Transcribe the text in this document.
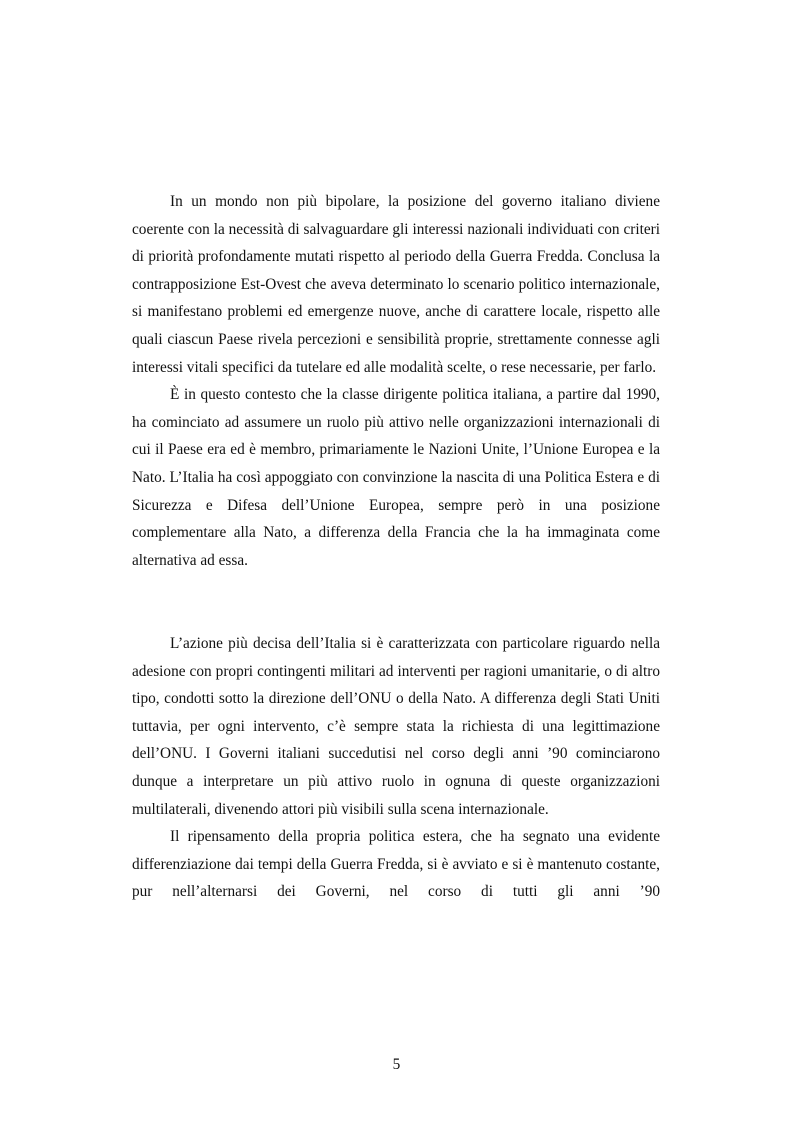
In un mondo non più bipolare, la posizione del governo italiano diviene coerente con la necessità di salvaguardare gli interessi nazionali individuati con criteri di priorità profondamente mutati rispetto al periodo della Guerra Fredda. Conclusa la contrapposizione Est-Ovest che aveva determinato lo scenario politico internazionale, si manifestano problemi ed emergenze nuove, anche di carattere locale, rispetto alle quali ciascun Paese rivela percezioni e sensibilità proprie, strettamente connesse agli interessi vitali specifici da tutelare ed alle modalità scelte, o rese necessarie, per farlo.

È in questo contesto che la classe dirigente politica italiana, a partire dal 1990, ha cominciato ad assumere un ruolo più attivo nelle organizzazioni internazionali di cui il Paese era ed è membro, primariamente le Nazioni Unite, l’Unione Europea e la Nato. L’Italia ha così appoggiato con convinzione la nascita di una Politica Estera e di Sicurezza e Difesa dell’Unione Europea, sempre però in una posizione complementare alla Nato, a differenza della Francia che la ha immaginata come alternativa ad essa.

L’azione più decisa dell’Italia si è caratterizzata con particolare riguardo nella adesione con propri contingenti militari ad interventi per ragioni umanitarie, o di altro tipo, condotti sotto la direzione dell’ONU o della Nato. A differenza degli Stati Uniti tuttavia, per ogni intervento, c’è sempre stata la richiesta di una legittimazione dell’ONU. I Governi italiani succedutisi nel corso degli anni ’90 cominciarono dunque a interpretare un più attivo ruolo in ognuna di queste organizzazioni multilaterali, divenendo attori più visibili sulla scena internazionale.

Il ripensamento della propria politica estera, che ha segnato una evidente differenziazione dai tempi della Guerra Fredda, si è avviato e si è mantenuto costante, pur nell’alternarsi dei Governi, nel corso di tutti gli anni ’90

5
